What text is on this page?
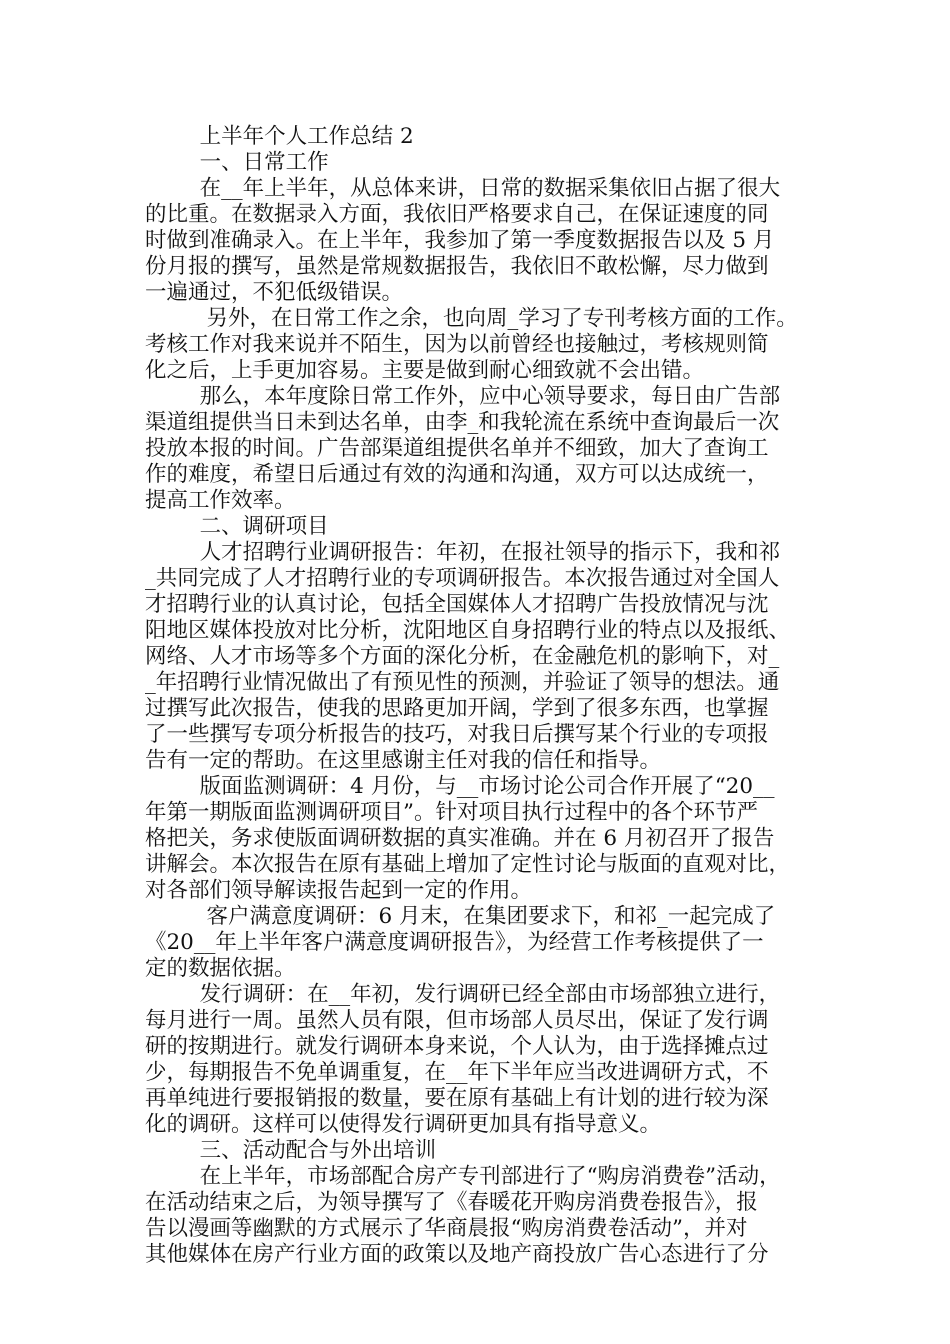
上半年个人工作总结 2
一、日常工作
在__年上半年，从总体来讲，日常的数据采集依旧占据了很大
的比重。在数据录入方面，我依旧严格要求自己，在保证速度的同
时做到准确录入。在上半年，我参加了第一季度数据报告以及 5 月
份月报的撰写，虽然是常规数据报告，我依旧不敢松懈，尽力做到
一遍通过，不犯低级错误。
另外，在日常工作之余，也向周_学习了专刊考核方面的工作。
考核工作对我来说并不陌生，因为以前曾经也接触过，考核规则简
化之后，上手更加容易。主要是做到耐心细致就不会出错。
那么，本年度除日常工作外，应中心领导要求，每日由广告部
渠道组提供当日未到达名单，由李_和我轮流在系统中查询最后一次
投放本报的时间。广告部渠道组提供名单并不细致，加大了查询工
作的难度，希望日后通过有效的沟通和沟通，双方可以达成统一，
提高工作效率。
二、调研项目
人才招聘行业调研报告：年初，在报社领导的指示下，我和祁
_共同完成了人才招聘行业的专项调研报告。本次报告通过对全国人
才招聘行业的认真讨论，包括全国媒体人才招聘广告投放情况与沈
阳地区媒体投放对比分析，沈阳地区自身招聘行业的特点以及报纸、
网络、人才市场等多个方面的深化分析，在金融危机的影响下，对_
_年招聘行业情况做出了有预见性的预测，并验证了领导的想法。通
过撰写此次报告，使我的思路更加开阔，学到了很多东西，也掌握
了一些撰写专项分析报告的技巧，对我日后撰写某个行业的专项报
告有一定的帮助。在这里感谢主任对我的信任和指导。
版面监测调研：4 月份，与__市场讨论公司合作开展了“20__
年第一期版面监测调研项目”。针对项目执行过程中的各个环节严
格把关，务求使版面调研数据的真实准确。并在 6 月初召开了报告
讲解会。本次报告在原有基础上增加了定性讨论与版面的直观对比，
对各部们领导解读报告起到一定的作用。
客户满意度调研：6 月末，在集团要求下，和祁_一起完成了
《20__年上半年客户满意度调研报告》，为经营工作考核提供了一
定的数据依据。
发行调研：在__年初，发行调研已经全部由市场部独立进行，
每月进行一周。虽然人员有限，但市场部人员尽出，保证了发行调
研的按期进行。就发行调研本身来说，个人认为，由于选择摊点过
少，每期报告不免单调重复，在__年下半年应当改进调研方式，不
再单纯进行要报销报的数量，要在原有基础上有计划的进行较为深
化的调研。这样可以使得发行调研更加具有指导意义。
三、活动配合与外出培训
在上半年，市场部配合房产专刊部进行了“购房消费卷”活动，
在活动结束之后，为领导撰写了《春暖花开购房消费卷报告》，报
告以漫画等幽默的方式展示了华商晨报“购房消费卷活动”，并对
其他媒体在房产行业方面的政策以及地产商投放广告心态进行了分
